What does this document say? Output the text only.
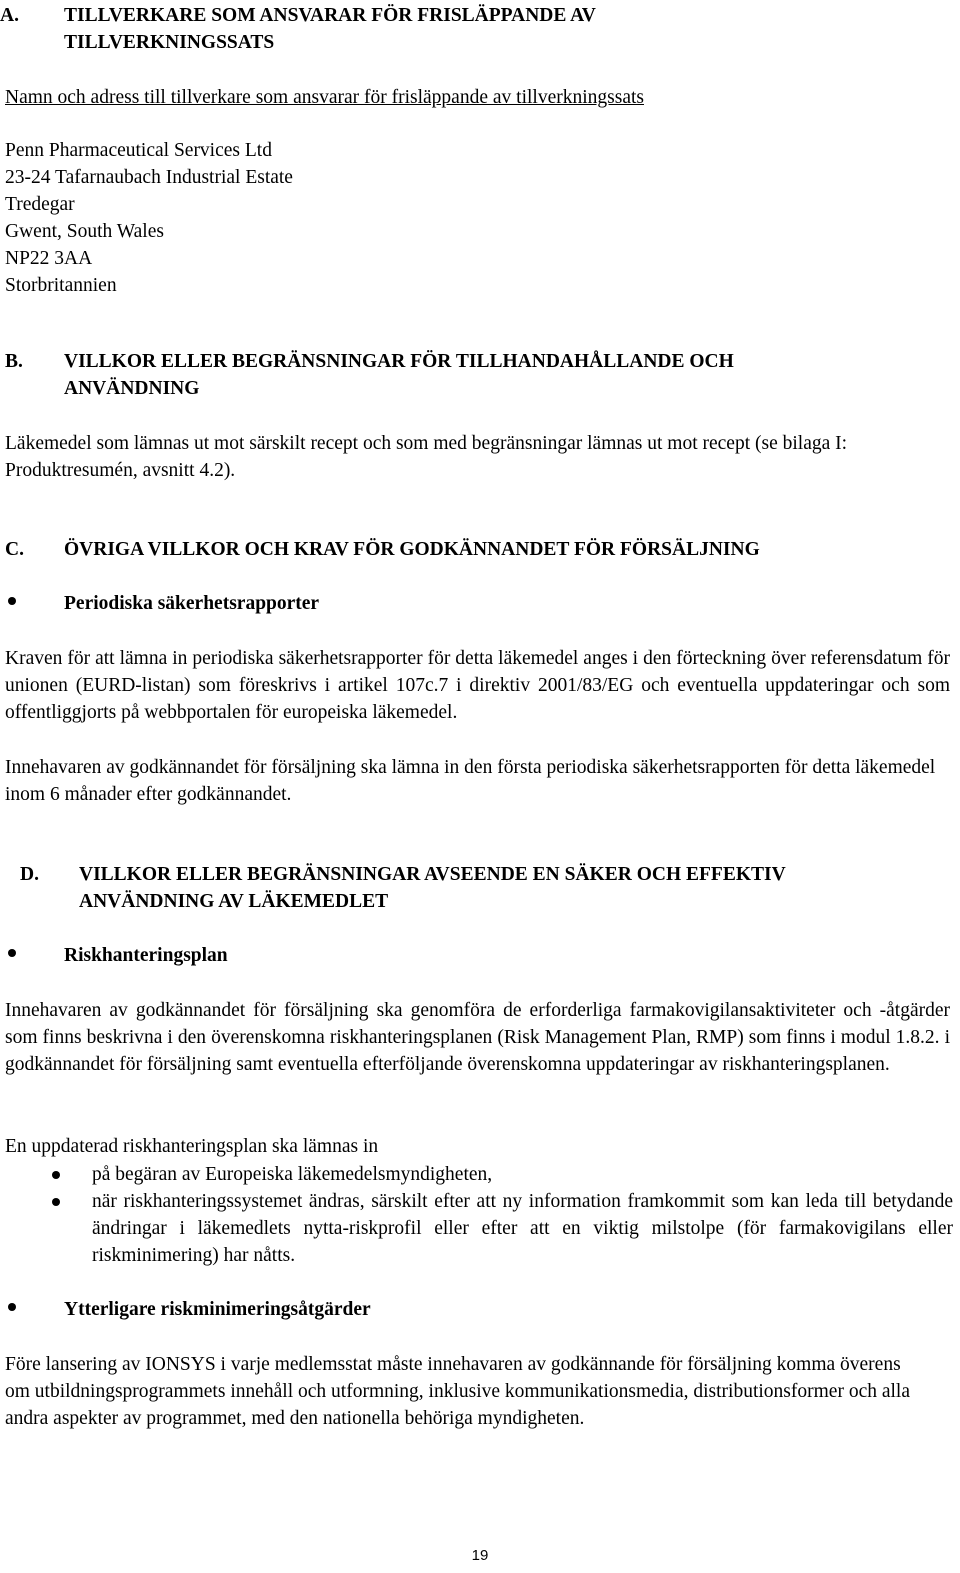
A.	TILLVERKARE SOM ANSVARAR FÖR FRISLÄPPANDE AV
TILLVERKNINGSSATS
Namn och adress till tillverkare som ansvarar för frisläppande av tillverkningssats
Penn Pharmaceutical Services Ltd
23-24 Tafarnaubach Industrial Estate
Tredegar
Gwent, South Wales
NP22 3AA
Storbritannien
B.	VILLKOR ELLER BEGRÄNSNINGAR FÖR TILLHANDAHÅLLANDE OCH
ANVÄNDNING

Läkemedel som lämnas ut mot särskilt recept och som med begränsningar lämnas ut mot recept (se bilaga I: Produktresumén, avsnitt 4.2).

C.	ÖVRIGA VILLKOR OCH KRAV FÖR GODKÄNNANDET FÖR FÖRSÄLJNING
Periodiska säkerhetsrapporter

Kraven för att lämna in periodiska säkerhetsrapporter för detta läkemedel anges i den förteckning över referensdatum för unionen (EURD-listan) som föreskrivs i artikel 107c.7 i direktiv 2001/83/EG och eventuella uppdateringar och som offentliggjorts på webbportalen för europeiska läkemedel.

Innehavaren av godkännandet för försäljning ska lämna in den första periodiska säkerhetsrapporten för detta läkemedel inom 6 månader efter godkännandet.

D.	VILLKOR ELLER BEGRÄNSNINGAR AVSEENDE EN SÄKER OCH EFFEKTIV
ANVÄNDNING AV LÄKEMEDLET
Riskhanteringsplan

Innehavaren av godkännandet för försäljning ska genomföra de erforderliga farmakovigilansaktiviteter och -åtgärder som finns beskrivna i den överenskomna riskhanteringsplanen (Risk Management Plan, RMP) som finns i modul 1.8.2. i godkännandet för försäljning samt eventuella efterföljande överenskomna uppdateringar av riskhanteringsplanen.

En uppdaterad riskhanteringsplan ska lämnas in

på begäran av Europeiska läkemedelsmyndigheten,
när riskhanteringssystemet ändras, särskilt efter att ny information framkommit som kan leda till betydande ändringar i läkemedlets nytta-riskprofil eller efter att en viktig milstolpe (för farmakovigilans eller riskminimering) har nåtts.
Ytterligare riskminimeringsåtgärder

Före lansering av IONSYS i varje medlemsstat måste innehavaren av godkännande för försäljning komma överens om utbildningsprogrammets innehåll och utformning, inklusive kommunikationsmedia, distributionsformer och alla andra aspekter av programmet, med den nationella behöriga myndigheten.

19
